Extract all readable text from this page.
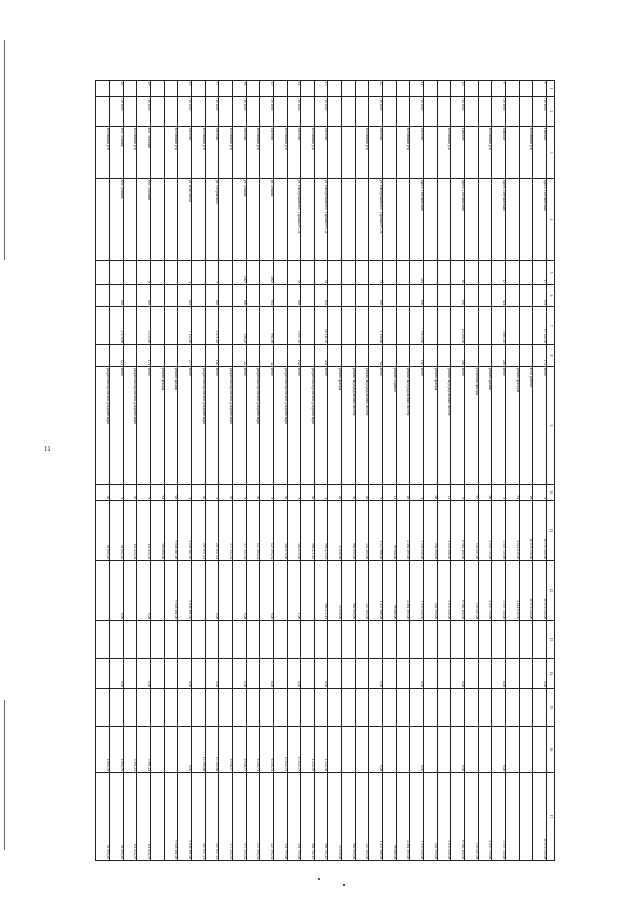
11
1	2	3	4	5	6	7	8	9	10	11	12	13	14	15	16	17
8	7191000	г.Нижне	проез. Почтамтский	17	101	17 322,30	172	итого	х	20 193 200,00	20 076 310,00		0,00			20 076 310,00
		Кстовский р-н						в т.ч. ремонт	26	20 076 310,00	20 076 310,00					
								ремонт фасадов	61	4 014 630,00	4 014 630,00					
9	7191000	г.Нижне	проез. Почтамтский	17	521	5 683,10	240	итого	х	3 557 735,00	3 557 735,00		0,00		0,00	3 557 735,00
		Кстовский р-н						ремонт крыши	66	4 953 735,00	4 953 735,00					4 953 735,00
								утепление фасада	67	155 447,00	155 447,00					155 447,00
10	7191000	г.Нижне	проез. Почтамтский	20	850	10 200,00	280	итого	х	6 962 100,00	6 962 100,00		0,00		0,00	6 962 100,00
		Кстовский р-н						ремонт внутридомовых систем	21	5 835 496,00	5 835 496,00					5 835 496,00
								ремонт фасада	68	202 594,00	202 594,00					202 594,00
11	7191000	г.Кстово	проез. Почтамтский	225	800	5 672,60	162	итого	х	3 559 250,00	3 559 250,00		0,00		0,00	3 559 250,00
		Кстовский р-н						ремонт внутридомовых систем	26	2 461 195,00	2 461 195,00					2 461 195,00
								ремонт подвала	21	98 060,00	98 060,00					98 060,00
12	7191000	г.Кстово	ул. Набережная пос. Гаражное С.А.	31	830	1 150,60	62	итого	х	1 437 966,00	1 437 966,00		0,00		0,00	1 437 966,00
		Кстовский р-н						ремонт внутридомовых систем	26	343 385,00	343 385,00					343 385,00
								ремонт внутридомовых систем	36	962 955,00	962 955,00					962 955,00
								ремонт фасада	26	33 850,00	33 850,00					33 850,00
13	7191000	г.Кстово	ул. Набережная пос. Гаражное С.А.	34	852	10 111,30	459	итого	х	566 472,15	566 472,15		0,00		4 232,59	564 702,15
		Кстовский р-н						разработка проектной документации	30	566 472,15					4 232,59	564 702,15
14	7191000	г.Кстово	ул. Набережная пос. Гаражное С.А.	39	828	3 097,30	102	итого	х	364 670,00	1,00		0,00		13 032,79	351 793,00
		Кстовский р-н						разработка проектной документации	30	364 670,00					13 032,79	351 793,00
15	7191000	г.Кстово	ул. Ленина	1003	854	891,90	34	итого	х	127 594,34	0,00		0,00		6 350,31	127 594,34
		Кстовский р-н						разработка проектной документации	30	127 594,34					6 350,31	127 594,34
16	7191000	г.Кстово	ул. Ленина	1007	806	398,20	22	итого	х	377 313,34	0,00		0,00		6 956,57	377 313,34
		Кстовский р-н						разработка проектной документации	30	377 313,34					6 956,57	377 313,34
17	7191000	г.Кстово	ул. Островского	9	828	2 871,20	140	итого	х	267 617,21	0,00		0,00		13 380,86	267 617,21
		Кстовский р-н						разработка проектной документации	30	267 617,21					13 380,86	267 617,21
18	7191000	г.Кстово	ул. Комсомола	5	825	7 112,80	277	итого	х	9 848 161,00	9 848 161,00		0,00		0,00	9 848 161,00
		Кстовский р-н						ремонт крыши	65	9 848 161,00	9 848 161,00					9 848 161,00
								ремонт фасада	61	380 000,00						
19	7191000	пос. Зеленый	пос. Зеленый	8	828	5 235,80	171	итого	х	111 824,39	0,00		0,00		5 591,21	111 824,39
		Кстовский р-н						разработка проектной документации	30	111 824,39					5 591,21	111 824,39
20	7191000	пос. Ленина	пос. Ленина		828	2 978,80	121	итого	х	81 895,20	0,00		0,00		4 094,76	81 895,20
		Кстовский р-н						разработка проектной документации	30	81 895,20					4 094,76	81 895,20
